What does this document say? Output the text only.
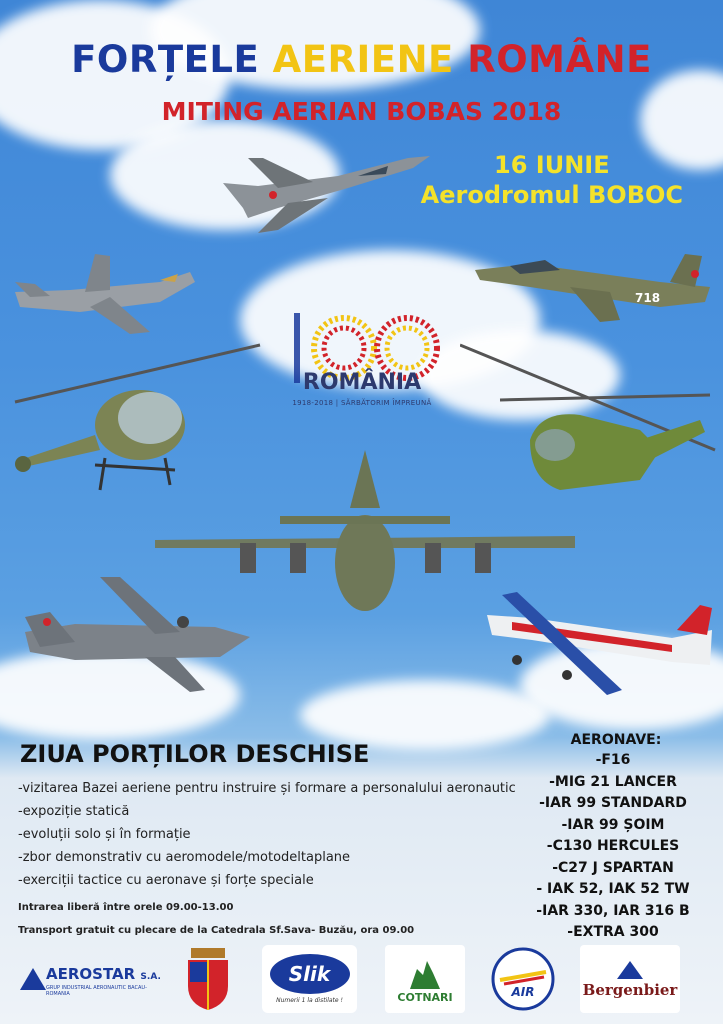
FORȚELE AERIENE ROMÂNE
MITING AERIAN BOBAS 2018
16 IUNIE
Aerodromul BOBOC
718
ROMÂNIA
1918-2018 | SĂRBĂTORIM ÎMPREUNĂ
ZIUA PORȚILOR DESCHISE
-vizitarea Bazei aeriene pentru instruire și formare a personalului aeronautic
-expoziție statică
-evoluții solo și în formație
-zbor demonstrativ cu aeromodele/motodeltaplane
-exerciții tactice cu aeronave și forțe speciale
Intrarea liberă între orele 09.00-13.00
Transport gratuit cu plecare de la Catedrala Sf.Sava- Buzău, ora 09.00
AERONAVE:
-F16
-MIG 21 LANCER
-IAR 99 STANDARD
-IAR 99 ȘOIM
-C130 HERCULES
-C27 J SPARTAN
- IAK 52, IAK 52 TW
-IAR 330, IAR 316 B
-EXTRA 300
AEROSTAR S.A.
GRUP INDUSTRIAL AERONAUTIC BACAU-ROMANIA
Slik
Numerii 1 la distilate !	COTNARI	AIR	Bergenbier
